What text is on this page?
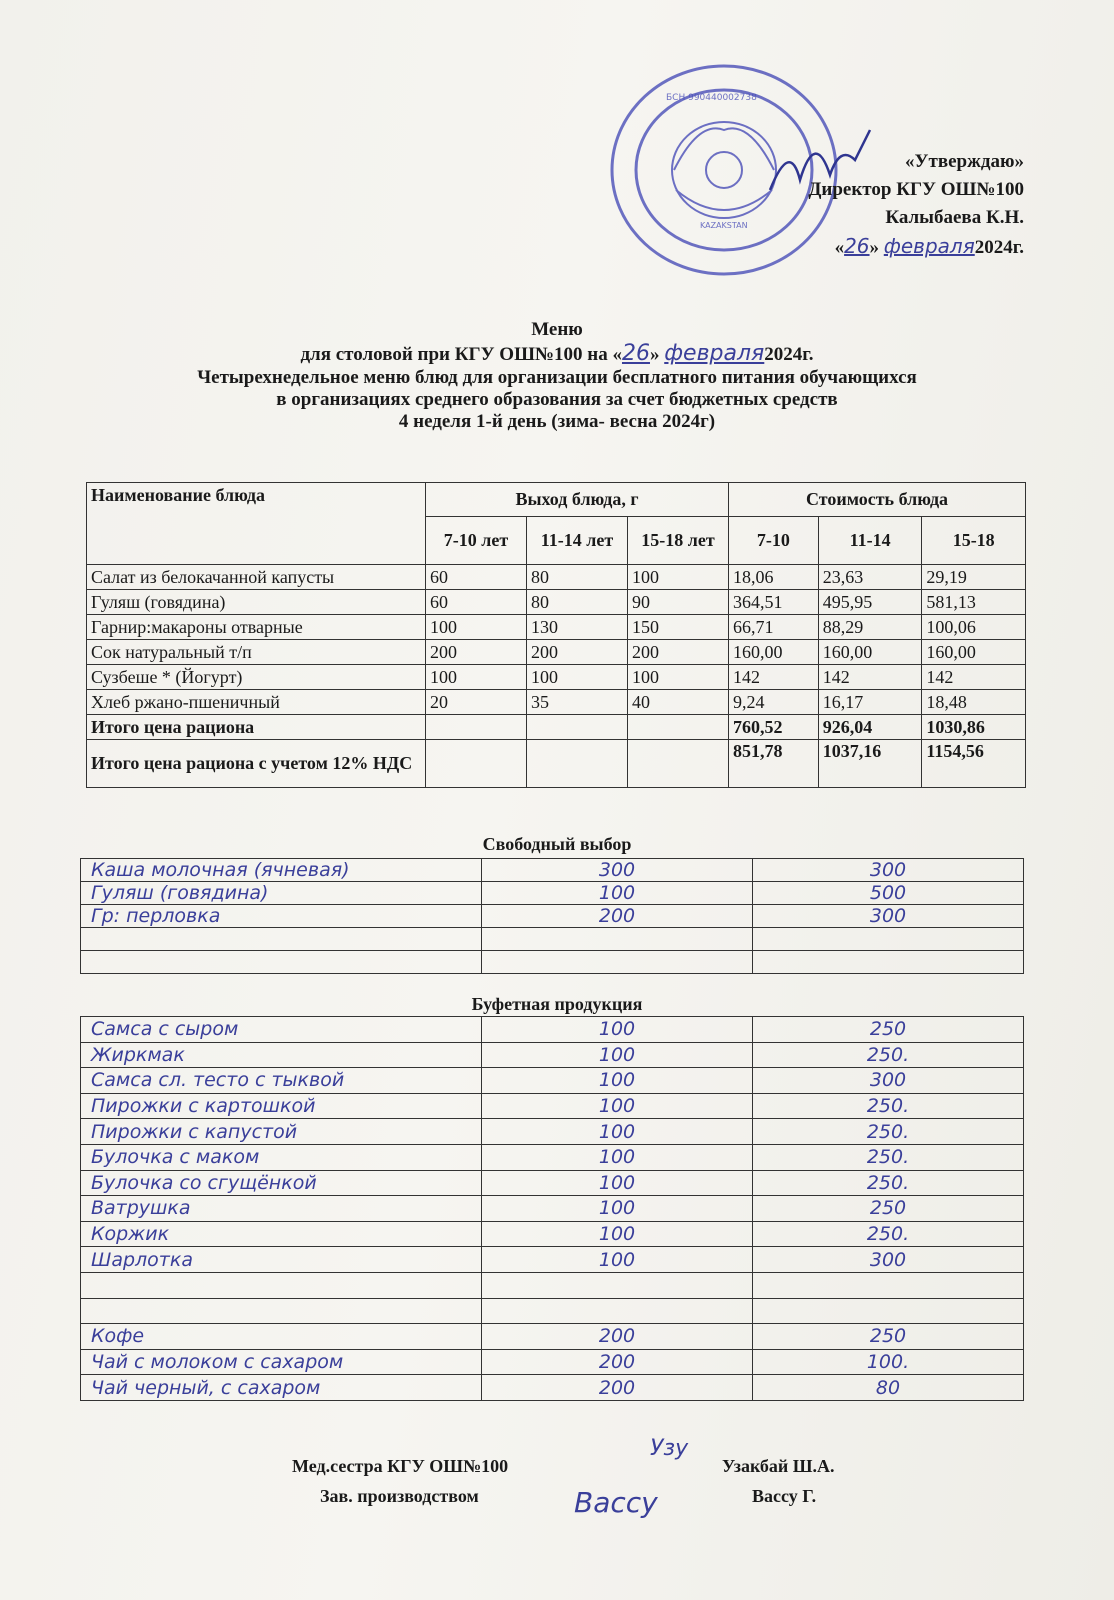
БСН 990440002738
KAZAKSTAN
«Утверждаю»
Директор КГУ ОШ№100
Калыбаева К.Н.
«26» февраля2024г.
Меню
для столовой при КГУ ОШ№100 на «26» февраля2024г.
Четырехнедельное меню блюд для организации бесплатного питания обучающихся
в организациях среднего образования за счет бюджетных средств
4 неделя 1-й день (зима- весна 2024г)
Наименование блюда	Выход блюда, г			Стоимость блюда		
	7-10 лет	11-14 лет	15-18 лет	7-10	11-14	15-18
Салат из белокачанной капусты	60	80	100	18,06	23,63	29,19
Гуляш (говядина)	60	80	90	364,51	495,95	581,13
Гарнир:макароны отварные	100	130	150	66,71	88,29	100,06
Сок натуральный т/п	200	200	200	160,00	160,00	160,00
Сузбеше * (Йогурт)	100	100	100	142	142	142
Хлеб ржано-пшеничный	20	35	40	9,24	16,17	18,48
Итого цена рациона				760,52	926,04	1030,86
Итого цена рациона с учетом 12% НДС				851,78	1037,16	1154,56
Свободный выбор
Каша молочная (ячневая)	300	300
Гуляш (говядина)	100	500
Гр: перловка	200	300

Буфетная продукция
Самса с сыром	100	250
Жиркмак	100	250.
Самса сл. тесто с тыквой	100	300
Пирожки с картошкой	100	250.
Пирожки с капустой	100	250.
Булочка с маком	100	250.
Булочка со сгущёнкой	100	250.
Ватрушка	100	250
Коржик	100	250.
Шарлотка	100	300

Кофе	200	250
Чай с молоком с сахаром	200	100.
Чай черный, с сахаром	200	80
Мед.сестра КГУ ОШ№100	Узакбай Ш.А.
Зав. производством	Вассу Г.
Узу
Вассу
